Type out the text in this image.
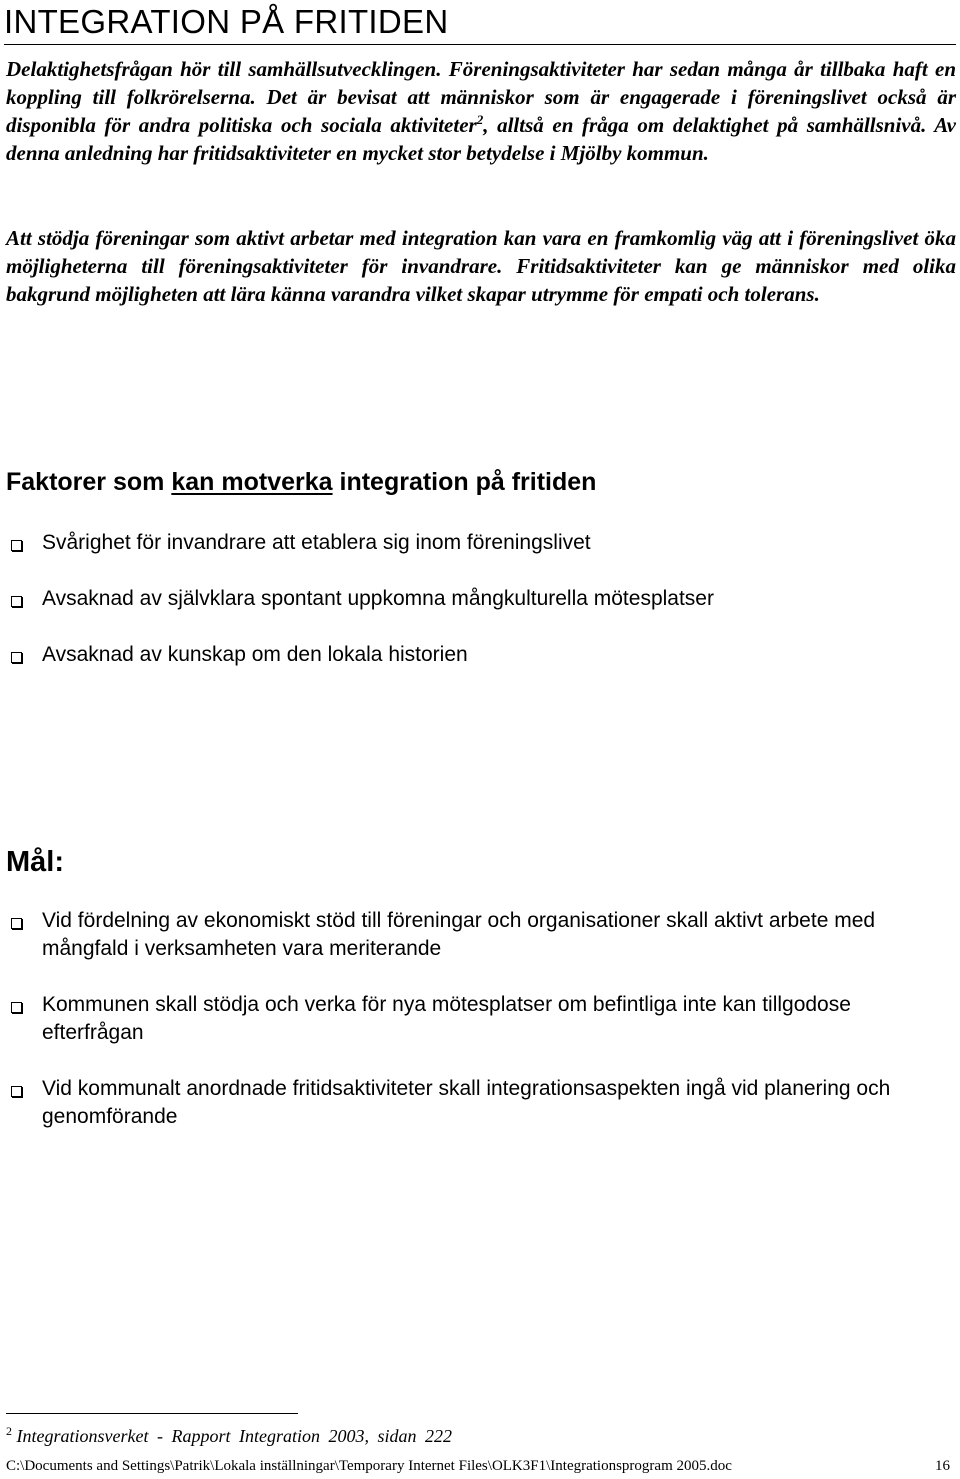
INTEGRATION PÅ FRITIDEN

Delaktighetsfrågan hör till samhällsutvecklingen. Föreningsaktiviteter har sedan många år tillbaka haft en koppling till folkrörelserna. Det är bevisat att människor som är engagerade i föreningslivet också är disponibla för andra politiska och sociala aktiviteter$^2$, alltså en fråga om delaktighet på samhällsnivå. Av denna anledning har fritidsaktiviteter en mycket stor betydelse i Mjölby kommun.

Att stödja föreningar som aktivt arbetar med integration kan vara en framkomlig väg att i föreningslivet öka möjligheterna till föreningsaktiviteter för invandrare. Fritidsaktiviteter kan ge människor med olika bakgrund möjligheten att lära känna varandra vilket skapar utrymme för empati och tolerans.

Faktorer som kan motverka integration på fritiden
Svårighet för invandrare att etablera sig inom föreningslivet
Avsaknad av självklara spontant uppkomna mångkulturella mötesplatser
Avsaknad av kunskap om den lokala historien
Mål:
Vid fördelning av ekonomiskt stöd till föreningar och organisationer skall aktivt arbete med mångfald i verksamheten vara meriterande
Kommunen skall stödja och verka för nya mötesplatser om befintliga inte kan tillgodose efterfrågan
Vid kommunalt anordnade fritidsaktiviteter skall integrationsaspekten ingå vid planering och genomförande
$^2$ Integrationsverket - Rapport Integration 2003, sidan 222
C:\Documents and Settings\Patrik\Lokala inställningar\Temporary Internet Files\OLK3F1\Integrationsprogram 2005.doc	16
